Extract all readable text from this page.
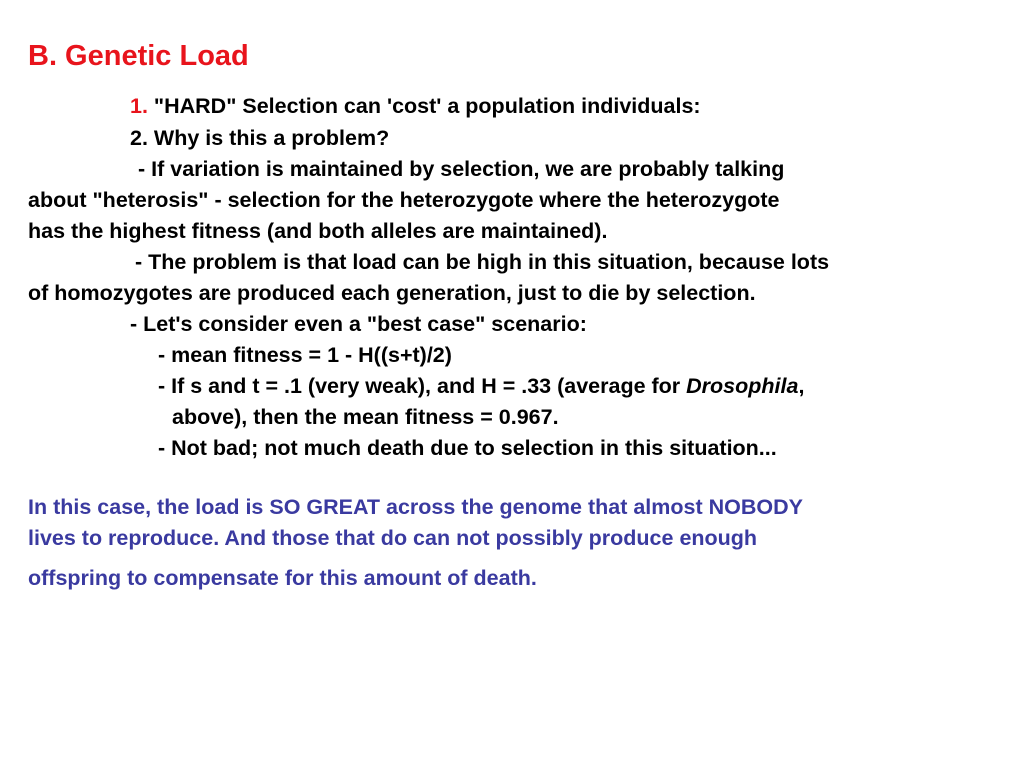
B. Genetic Load
1. "HARD" Selection can 'cost' a population individuals:
2. Why is this a problem?
- If variation is maintained by selection, we are probably talking
about "heterosis" - selection for the heterozygote where the heterozygote
has the highest fitness (and both alleles are maintained).
- The problem is that load can be high in this situation, because lots
of homozygotes are produced each generation, just to die by selection.
- Let's consider even a "best case" scenario:
- mean fitness = 1 - H((s+t)/2)
- If s and t = .1 (very weak), and H = .33 (average for Drosophila,
above), then the mean fitness = 0.967.
- Not bad; not much death due to selection in this situation...
In this case, the load is SO GREAT across the genome that almost NOBODY
lives to reproduce. And those that do can not possibly produce enough
offspring to compensate for this amount of death.
